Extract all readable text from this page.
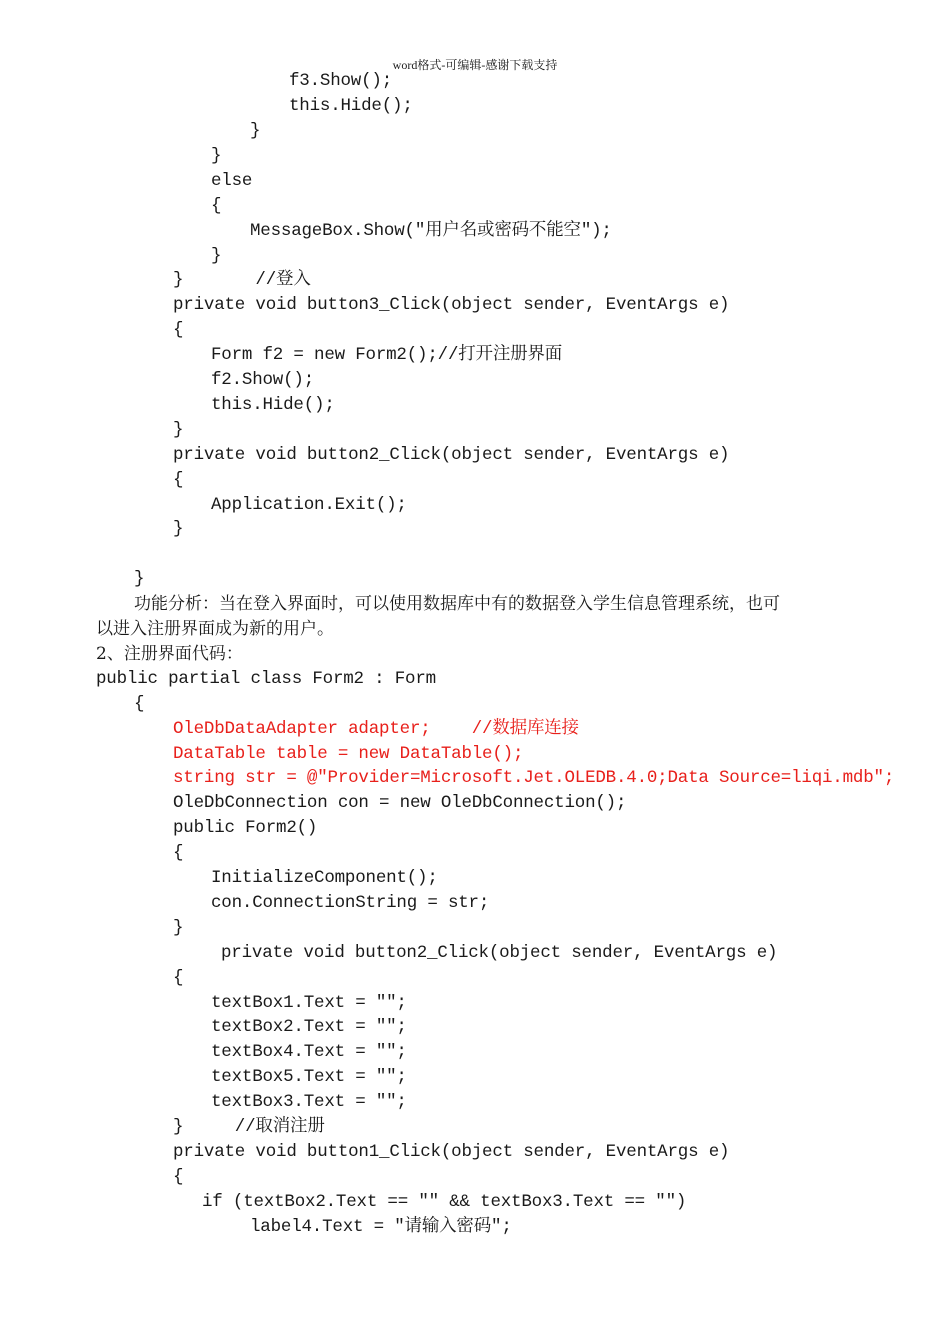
word格式-可编辑-感谢下载支持
f3.Show();
this.Hide();
}
}
else
{
MessageBox.Show("用户名或密码不能空");
}
}       //登入
private void button3_Click(object sender, EventArgs e)
{
Form f2 = new Form2();//打开注册界面
f2.Show();
this.Hide();
}
private void button2_Click(object sender, EventArgs e)
{
Application.Exit();
}
}
功能分析：当在登入界面时，可以使用数据库中有的数据登入学生信息管理系统，也可
以进入注册界面成为新的用户。
2、注册界面代码：
public partial class Form2 : Form
{
OleDbDataAdapter adapter;    //数据库连接
DataTable table = new DataTable();
string str = @"Provider=Microsoft.Jet.OLEDB.4.0;Data Source=liqi.mdb";
OleDbConnection con = new OleDbConnection();
public Form2()
{
InitializeComponent();
con.ConnectionString = str;
}
private void button2_Click(object sender, EventArgs e)
{
textBox1.Text = "";
textBox2.Text = "";
textBox4.Text = "";
textBox5.Text = "";
textBox3.Text = "";
}     //取消注册
private void button1_Click(object sender, EventArgs e)
{
if (textBox2.Text == "" && textBox3.Text == "")
label4.Text = "请输入密码";
